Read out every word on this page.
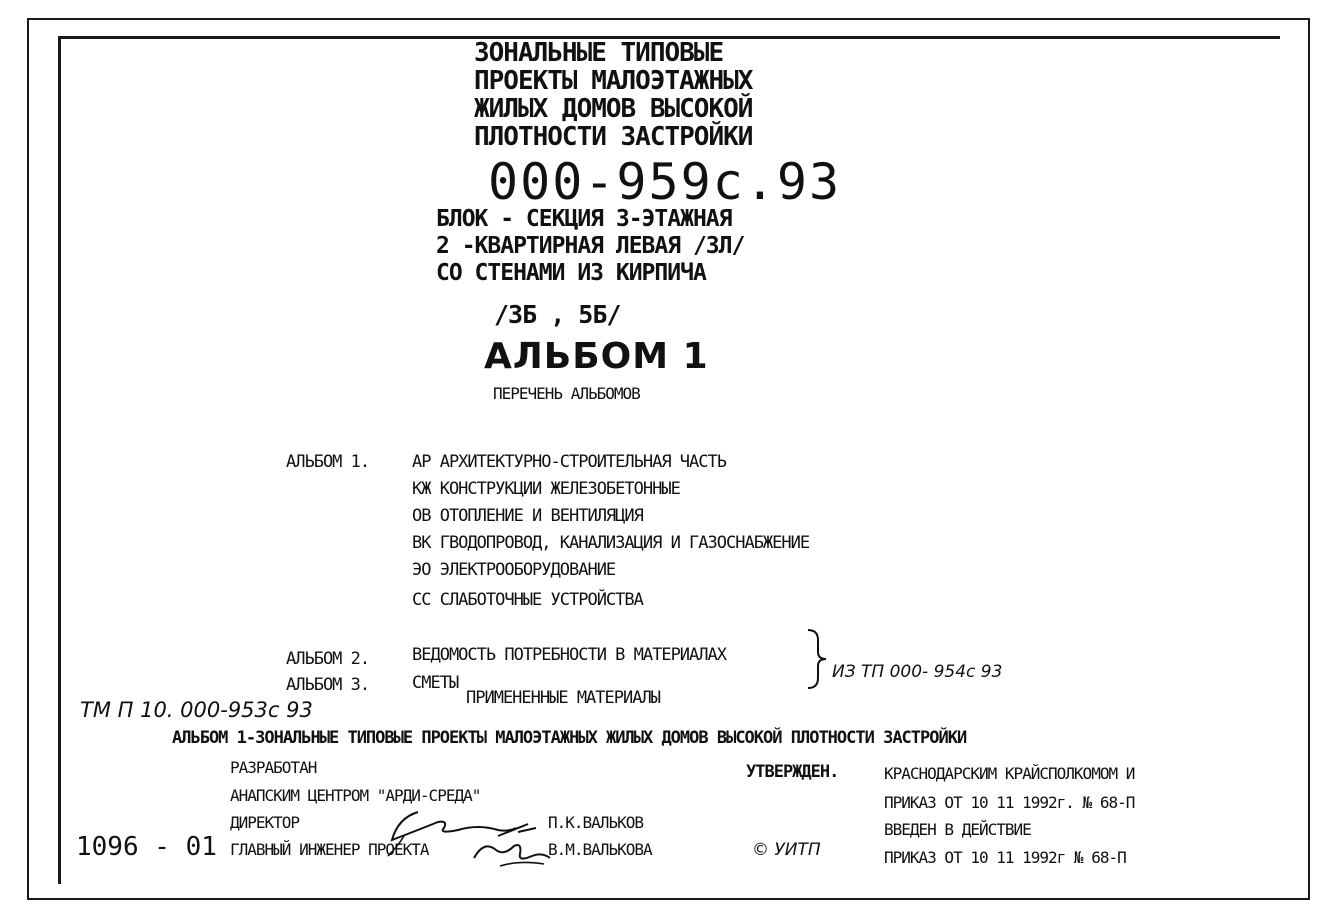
ЗОНАЛЬНЫЕ ТИПОВЫЕ
ПРОЕКТЫ МАЛОЭТАЖНЫХ
ЖИЛЫХ ДОМОВ ВЫСОКОЙ
ПЛОТНОСТИ ЗАСТРОЙКИ
000-959c.93
БЛОК - СЕКЦИЯ 3-ЭТАЖНАЯ
2 -КВАРТИРНАЯ ЛЕВАЯ /3Л/
СО СТЕНАМИ ИЗ КИРПИЧА
/3Б , 5Б/
АЛЬБОМ 1
ПЕРЕЧЕНЬ АЛЬБОМОВ
АЛЬБОМ 1.	АР АРХИТЕКТУРНО-СТРОИТЕЛЬНАЯ ЧАСТЬ
КЖ КОНСТРУКЦИИ ЖЕЛЕЗОБЕТОННЫЕ
ОВ ОТОПЛЕНИЕ И ВЕНТИЛЯЦИЯ
ВК ГВОДОПРОВОД, КАНАЛИЗАЦИЯ И ГАЗОСНАБЖЕНИЕ
ЭО ЭЛЕКТРООБОРУДОВАНИЕ
СС СЛАБОТОЧНЫЕ УСТРОЙСТВА
АЛЬБОМ 2.	ВЕДОМОСТЬ ПОТРЕБНОСТИ В МАТЕРИАЛАХ
АЛЬБОМ 3.	СМЕТЫ
ИЗ ТП 000- 954c 93
ПРИМЕНЕННЫЕ МАТЕРИАЛЫ
ТМ П 10. 000-953c 93
АЛЬБОМ 1-ЗОНАЛЬНЫЕ ТИПОВЫЕ ПРОЕКТЫ МАЛОЭТАЖНЫХ ЖИЛЫХ ДОМОВ ВЫСОКОЙ ПЛОТНОСТИ ЗАСТРОЙКИ
РАЗРАБОТАН
АНАПСКИМ ЦЕНТРОМ "АРДИ-СРЕДА"
ДИРЕКТОР	П.К.ВАЛЬКОВ
ГЛАВНЫЙ ИНЖЕНЕР ПРОЕКТА	В.М.ВАЛЬКОВА
1096 - 01	© УИТП
УТВЕРЖДЕН.	КРАСНОДАРСКИМ КРАЙСПОЛКОМОМ И
ПРИКАЗ ОТ 10 11 1992г. № 68-П
ВВЕДЕН В ДЕЙСТВИЕ
ПРИКАЗ ОТ 10 11 1992г № 68-П
